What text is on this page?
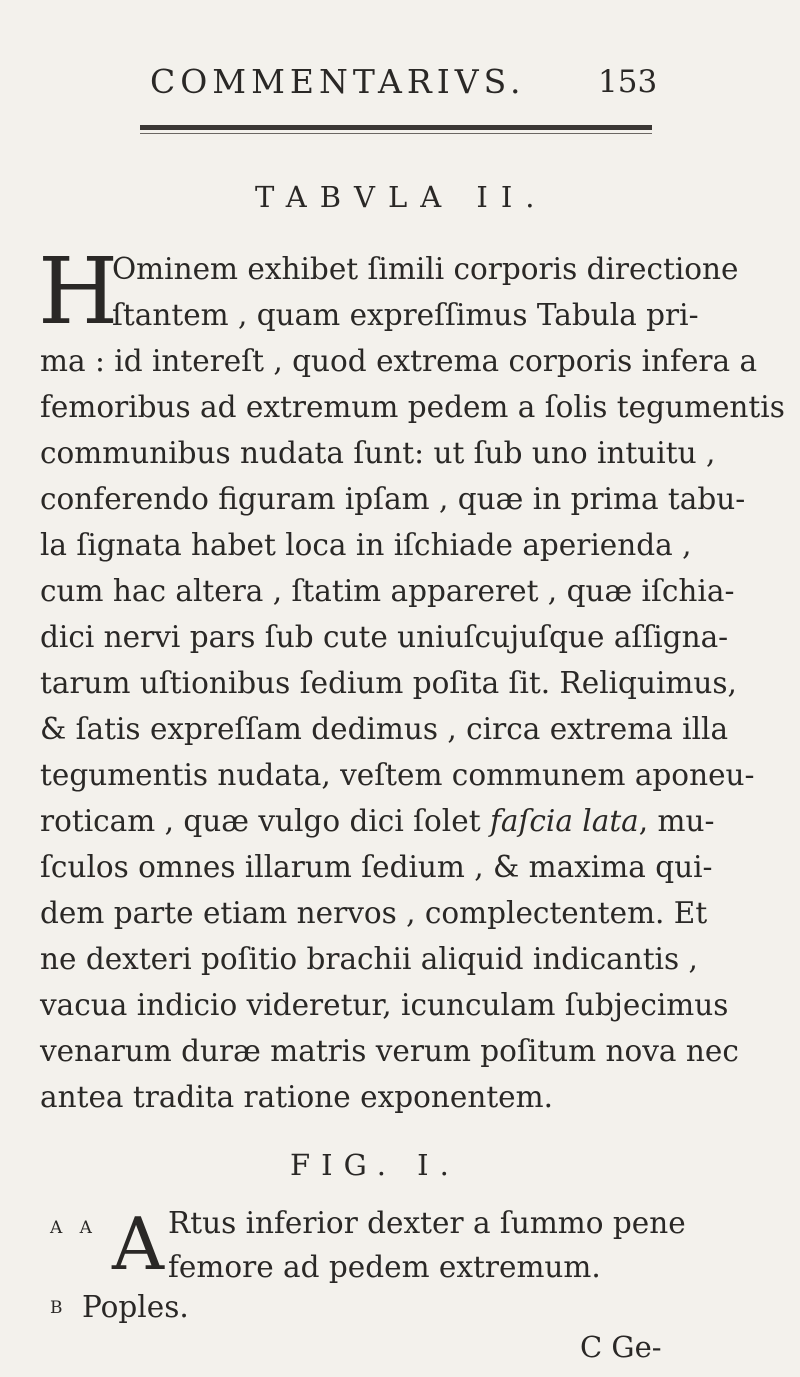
COMMENTARIVS.	153
TABVLA II.
H
Ominem exhibet ſimili corporis directione
ſtantem , quam expreſſimus Tabula pri-
ma : id intereſt , quod extrema corporis infera a
femoribus ad extremum pedem a ſolis tegumentis
communibus nudata ſunt: ut ſub uno intuitu ,
conferendo figuram ipſam , quæ in prima tabu-
la ſignata habet loca in iſchiade aperienda ,
cum hac altera , ſtatim appareret , quæ iſchia-
dici nervi pars ſub cute uniuſcujuſque aſſigna-
tarum uſtionibus ſedium poſita ſit. Reliquimus,
& ſatis expreſſam dedimus , circa extrema illa
tegumentis nudata, veſtem communem aponeu-
roticam , quæ vulgo dici ſolet faſcia lata, mu-
ſculos omnes illarum ſedium , & maxima qui-
dem parte etiam nervos , complectentem. Et
ne dexteri poſitio brachii aliquid indicantis ,
vacua indicio videretur, icunculam ſubjecimus
venarum duræ matris verum poſitum nova nec
antea tradita ratione exponentem.
FIG. I.
A A A Rtus inferior dexter a ſummo pene
femore ad pedem extremum.
B Poples.
C Ge-
